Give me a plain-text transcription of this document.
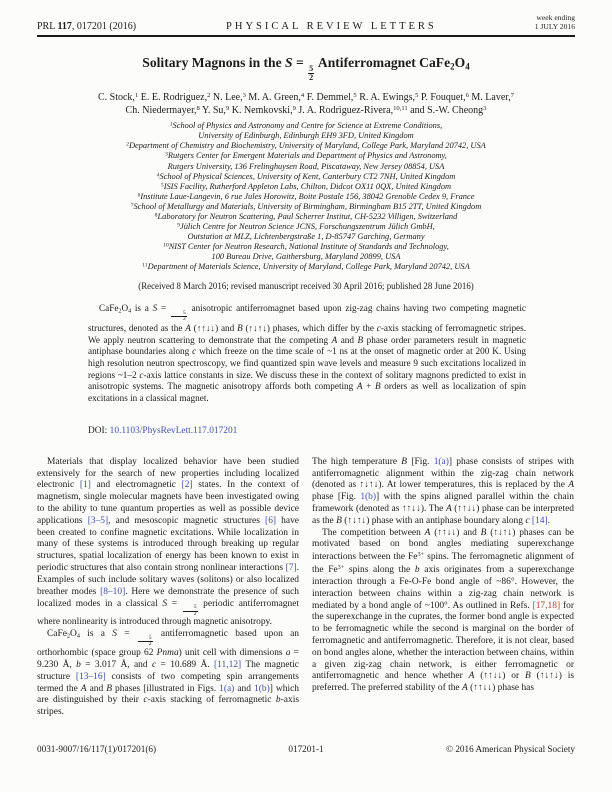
PRL 117, 017201 (2016)	PHYSICAL REVIEW LETTERS
week ending
1 JULY 2016
Solitary Magnons in the S =
$\frac{5}{2}$
Antiferromagnet $CaFe_2O_4$
C. Stock,$^1$ E. E. Rodriguez,$^2$ N. Lee,$^3$ M. A. Green,$^4$ F. Demmel,$^5$ R. A. Ewings,$^5$ P. Fouquet,$^6$ M. Laver,$^7$
Ch. Niedermayer,$^8$ Y. Su,$^9$ K. Nemkovski,$^9$ J. A. Rodriguez-Rivera,$^{10,11}$ and S.-W. Cheong$^3$
$^1$School of Physics and Astronomy and Centre for Science at Extreme Conditions,
University of Edinburgh, Edinburgh EH9 3FD, United Kingdom
$^2$Department of Chemistry and Biochemistry, University of Maryland, College Park, Maryland 20742, USA
$^3$Rutgers Center for Emergent Materials and Department of Physics and Astronomy,
Rutgers University, 136 Frelinghuysen Road, Piscataway, New Jersey 08854, USA
$^4$School of Physical Sciences, University of Kent, Canterbury CT2 7NH, United Kingdom
$^5$ISIS Facility, Rutherford Appleton Labs, Chilton, Didcot OX11 0QX, United Kingdom
$^6$Institute Laue-Langevin, 6 rue Jules Horowitz, Boite Postale 156, 38042 Grenoble Cedex 9, France
$^7$School of Metallurgy and Materials, University of Birmingham, Birmingham B15 2TT, United Kingdom
$^8$Laboratory for Neutron Scattering, Paul Scherrer Institut, CH-5232 Villigen, Switzerland
$^9$Jülich Centre for Neutron Science JCNS, Forschungszentrum Jülich GmbH,
Outstation at MLZ, Lichtenbergstraße 1, D-85747 Garching, Germany
$^{10}$NIST Center for Neutron Research, National Institute of Standards and Technology,
100 Bureau Drive, Gaithersburg, Maryland 20899, USA
$^{11}$Department of Materials Science, University of Maryland, College Park, Maryland 20742, USA
(Received 8 March 2016; revised manuscript received 30 April 2016; published 28 June 2016)
$CaFe_2O_4$ is a S =
$\frac{5}{2}$
anisotropic antiferromagnet based upon zig-zag chains having two competing magnetic structures, denoted as the A (↑↑↓↓) and B (↑↓↑↓) phases, which differ by the c-axis stacking of ferromagnetic stripes. We apply neutron scattering to demonstrate that the competing A and B phase order parameters result in magnetic antiphase boundaries along c which freeze on the time scale of ~1 ns at the onset of magnetic order at 200 K. Using high resolution neutron spectroscopy, we find quantized spin wave levels and measure 9 such excitations localized in regions ~1–2 c-axis lattice constants in size. We discuss these in the context of solitary magnons predicted to exist in anisotropic systems. The magnetic anisotropy affords both competing A + B orders as well as localization of spin excitations in a classical magnet.
DOI: 10.1103/PhysRevLett.117.017201

Materials that display localized behavior have been studied extensively for the search of new properties including localized electronic [1] and electromagnetic [2] states. In the context of magnetism, single molecular magnets have been investigated owing to the ability to tune quantum properties as well as possible device applications [3–5], and mesoscopic magnetic structures [6] have been created to confine magnetic excitations. While localization in many of these systems is introduced through breaking up regular structures, spatial localization of energy has been known to exist in periodic structures that also contain strong nonlinear interactions [7]. Examples of such include solitary waves (solitons) or also localized breather modes [8–10]. Here we demonstrate the presence of such localized modes in a classical S =
$\frac{5}{2}$
periodic antiferromagnet where nonlinearity is introduced through magnetic anisotropy.

$CaFe_2O_4$ is a S =
$\frac{5}{2}$
antiferromagnetic based upon an orthorhombic (space group 62 Pnma) unit cell with dimensions a = 9.230 Å, b = 3.017 Å, and c = 10.689 Å. [11,12] The magnetic structure [13–16] consists of two competing spin arrangements termed the A and B phases [illustrated in Figs. 1(a) and 1(b)] which are distinguished by their c-axis stacking of ferromagnetic b-axis stripes.

The high temperature B [Fig. 1(a)] phase consists of stripes with antiferromagnetic alignment within the zig-zag chain network (denoted as ↑↓↑↓). At lower temperatures, this is replaced by the A phase [Fig. 1(b)] with the spins aligned parallel within the chain framework (denoted as ↑↑↓↓). The A (↑↑↓↓) phase can be interpreted as the B (↑↓↑↓) phase with an antiphase boundary along c [14].

The competition between A (↑↑↓↓) and B (↑↓↑↓) phases can be motivated based on bond angles mediating superexchange interactions between the $Fe^{3+}$ spins. The ferromagnetic alignment of the $Fe^{3+}$ spins along the b axis originates from a superexchange interaction through a Fe-O-Fe bond angle of ~86°. However, the interaction between chains within a zig-zag chain network is mediated by a bond angle of ~100°. As outlined in Refs. [17,18] for the superexchange in the cuprates, the former bond angle is expected to be ferromagnetic while the second is marginal on the border of ferromagnetic and antiferromagnetic. Therefore, it is not clear, based on bond angles alone, whether the interaction between chains, within a given zig-zag chain network, is either ferromagnetic or antiferromagnetic and hence whether A (↑↑↓↓) or B (↑↓↑↓) is preferred. The preferred stability of the A (↑↑↓↓) phase has

0031-9007/16/117(1)/017201(6)	017201-1	© 2016 American Physical Society
